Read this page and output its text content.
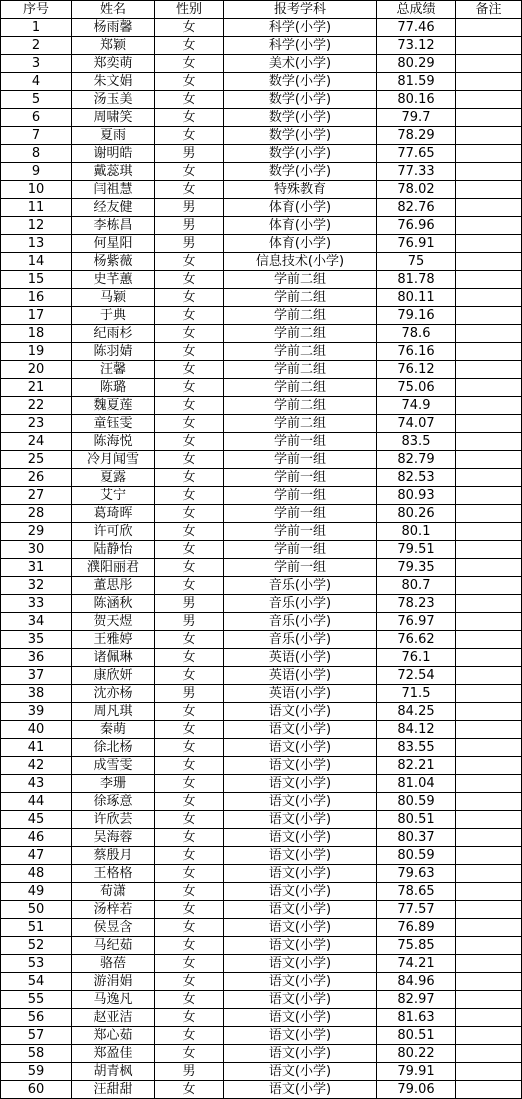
序号	姓名	性别	报考学科	总成绩	备注
1	杨雨馨	女	科学(小学)	77.46	
2	郑颖	女	科学(小学)	73.12	
3	郑奕萌	女	美术(小学)	80.29	
4	朱文娟	女	数学(小学)	81.59	
5	汤玉美	女	数学(小学)	80.16	
6	周啸笑	女	数学(小学)	79.7	
7	夏雨	女	数学(小学)	78.29	
8	谢明皓	男	数学(小学)	77.65	
9	戴蕊琪	女	数学(小学)	77.33	
10	闫祖慧	女	特殊教育	78.02	
11	经友健	男	体育(小学)	82.76	
12	李栋昌	男	体育(小学)	76.96	
13	何星阳	男	体育(小学)	76.91	
14	杨紫薇	女	信息技术(小学)	75	
15	史芊蕙	女	学前二组	81.78	
16	马颖	女	学前二组	80.11	
17	于典	女	学前二组	79.16	
18	纪雨杉	女	学前二组	78.6	
19	陈羽婧	女	学前二组	76.16	
20	汪馨	女	学前二组	76.12	
21	陈璐	女	学前二组	75.06	
22	魏夏莲	女	学前二组	74.9	
23	童钰雯	女	学前二组	74.07	
24	陈海悦	女	学前一组	83.5	
25	冷月闻雪	女	学前一组	82.79	
26	夏露	女	学前一组	82.53	
27	艾宁	女	学前一组	80.93	
28	葛琦晖	女	学前一组	80.26	
29	许可欣	女	学前一组	80.1	
30	陆静怡	女	学前一组	79.51	
31	濮阳丽君	女	学前一组	79.35	
32	董思彤	女	音乐(小学)	80.7	
33	陈涵秋	男	音乐(小学)	78.23	
34	贺天煜	男	音乐(小学)	76.97	
35	王雅婷	女	音乐(小学)	76.62	
36	诸佩琳	女	英语(小学)	76.1	
37	康欣妍	女	英语(小学)	72.54	
38	沈亦杨	男	英语(小学)	71.5	
39	周凡琪	女	语文(小学)	84.25	
40	秦萌	女	语文(小学)	84.12	
41	徐北杨	女	语文(小学)	83.55	
42	成雪雯	女	语文(小学)	82.21	
43	李珊	女	语文(小学)	81.04	
44	徐琢意	女	语文(小学)	80.59	
45	许欣芸	女	语文(小学)	80.51	
46	吴海蓉	女	语文(小学)	80.37	
47	蔡殷月	女	语文(小学)	80.59	
48	王格格	女	语文(小学)	79.63	
49	荀潇	女	语文(小学)	78.65	
50	汤梓若	女	语文(小学)	77.57	
51	侯昱含	女	语文(小学)	76.89	
52	马纪茹	女	语文(小学)	75.85	
53	骆蓓	女	语文(小学)	74.21	
54	游涓娟	女	语文(小学)	84.96	
55	马逸凡	女	语文(小学)	82.97	
56	赵亚洁	女	语文(小学)	81.63	
57	郑心茹	女	语文(小学)	80.51	
58	郑盈佳	女	语文(小学)	80.22	
59	胡青枫	男	语文(小学)	79.91	
60	汪甜甜	女	语文(小学)	79.06	
